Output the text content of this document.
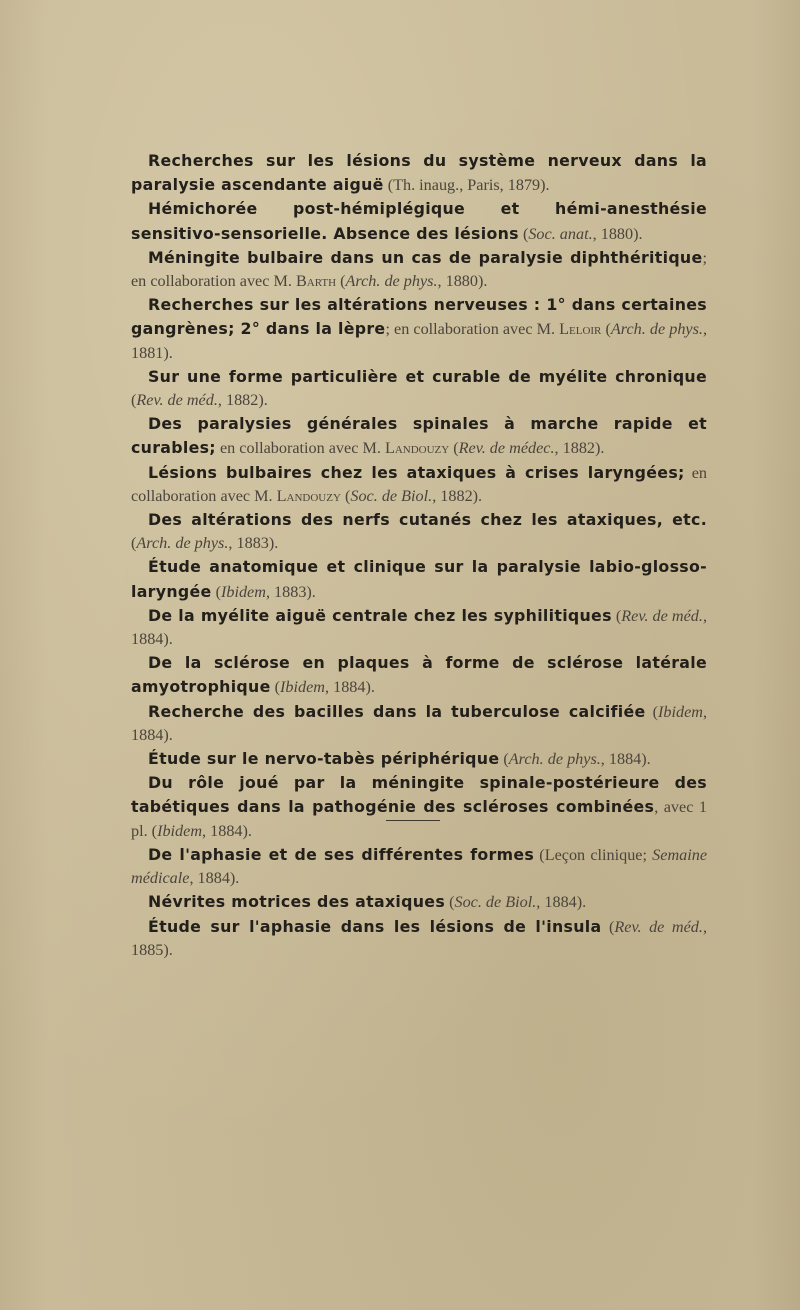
Recherches sur les lésions du système nerveux dans la paralysie ascendante aiguë (Th. inaug., Paris, 1879).

Hémichorée post-hémiplégique et hémi-anesthésie sensitivo-sensorielle. Absence des lésions (Soc. anat., 1880).

Méningite bulbaire dans un cas de paralysie diphthéritique; en collaboration avec M. Barth (Arch. de phys., 1880).

Recherches sur les altérations nerveuses : 1° dans certaines gangrènes; 2° dans la lèpre; en collaboration avec M. Leloir (Arch. de phys., 1881).

Sur une forme particulière et curable de myélite chronique (Rev. de méd., 1882).

Des paralysies générales spinales à marche rapide et curables; en collaboration avec M. Landouzy (Rev. de médec., 1882).

Lésions bulbaires chez les ataxiques à crises laryngées; en collaboration avec M. Landouzy (Soc. de Biol., 1882).

Des altérations des nerfs cutanés chez les ataxiques, etc. (Arch. de phys., 1883).

Étude anatomique et clinique sur la paralysie labio-glosso-laryngée (Ibidem, 1883).

De la myélite aiguë centrale chez les syphilitiques (Rev. de méd., 1884).

De la sclérose en plaques à forme de sclérose latérale amyotrophique (Ibidem, 1884).

Recherche des bacilles dans la tuberculose calcifiée (Ibidem, 1884).

Étude sur le nervo-tabès périphérique (Arch. de phys., 1884).

Du rôle joué par la méningite spinale-postérieure des tabétiques dans la pathogénie des scléroses combinées, avec 1 pl. (Ibidem, 1884).

De l'aphasie et de ses différentes formes (Leçon clinique; Semaine médicale, 1884).

Névrites motrices des ataxiques (Soc. de Biol., 1884).

Étude sur l'aphasie dans les lésions de l'insula (Rev. de méd., 1885).
